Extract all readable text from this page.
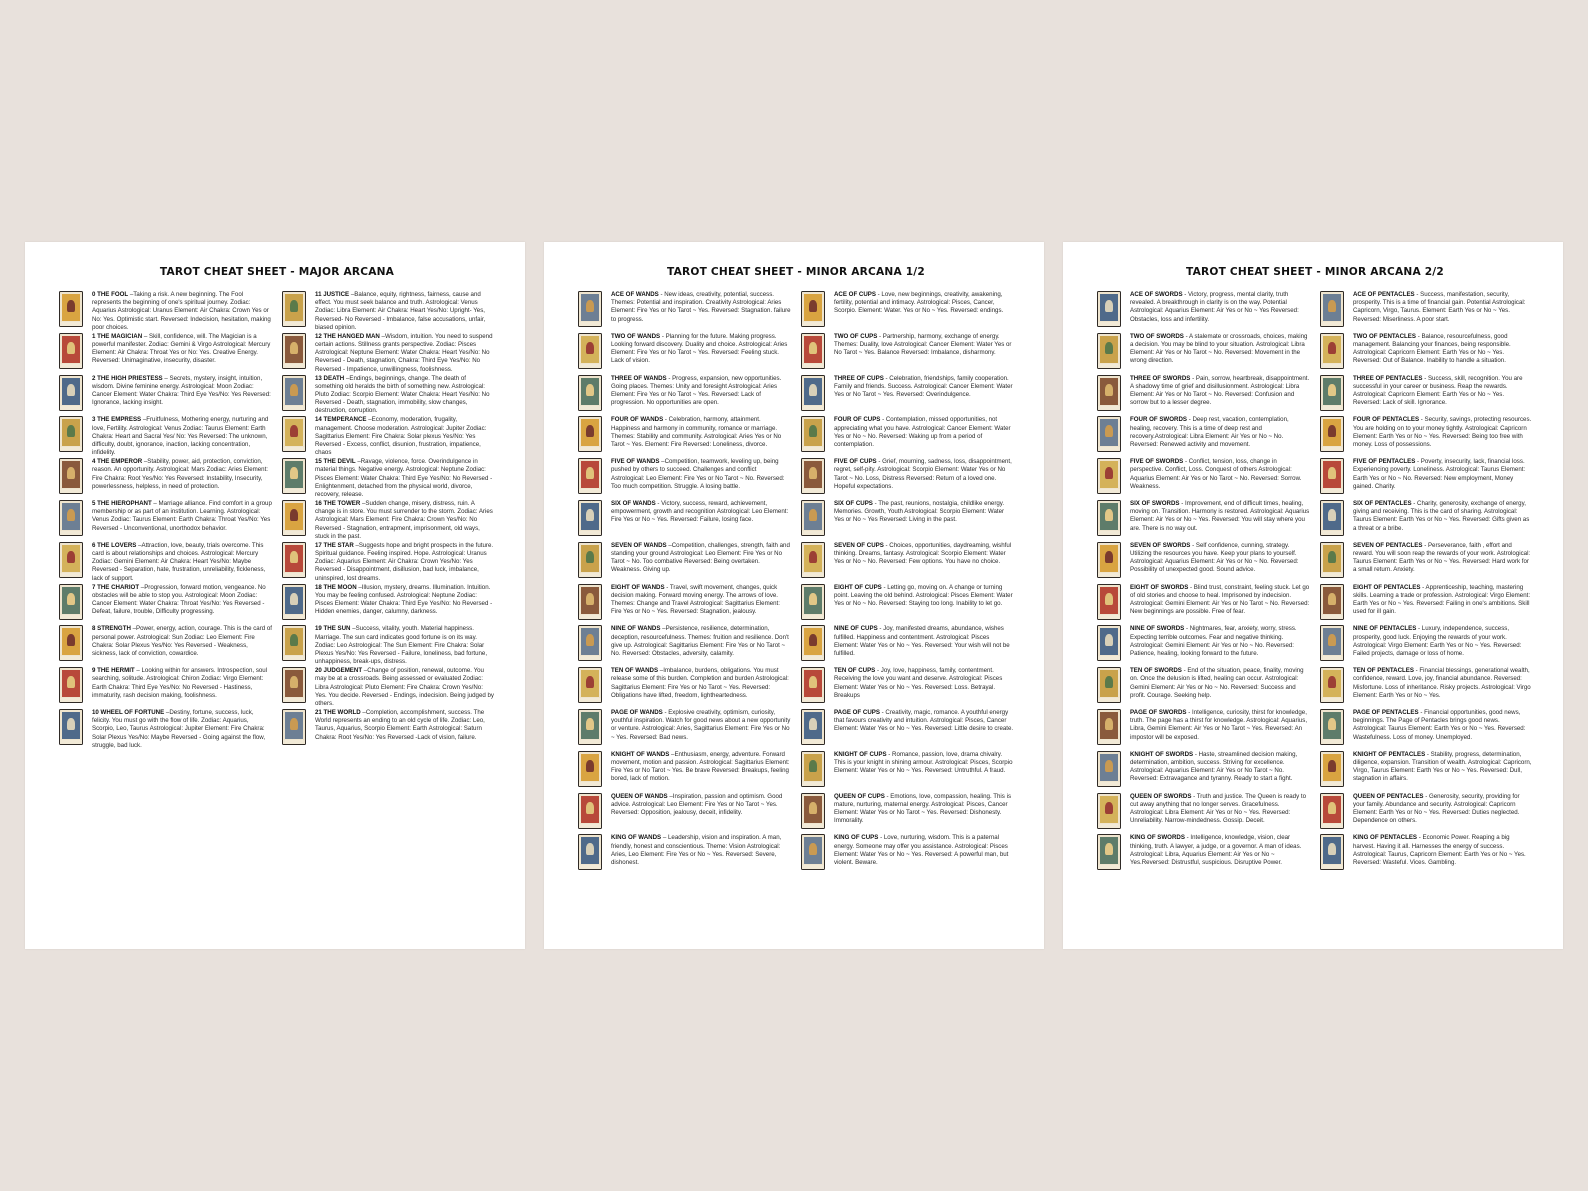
TAROT CHEAT SHEET - MAJOR ARCANA
0 THE FOOL –Taking a risk. A new beginning. The Fool represents the beginning of one's spiritual journey. Zodiac: Aquarius Astrological: Uranus Element: Air Chakra: Crown Yes or No: Yes. Optimistic start. Reversed: Indecision, hesitation, making poor choices.
1 THE MAGICIAN – Skill, confidence, will. The Magician is a powerful manifester. Zodiac: Gemini & Virgo Astrological: Mercury Element: Air Chakra: Throat Yes or No: Yes. Creative Energy. Reversed: Unimaginative, insecurity, disaster.
2 THE HIGH PRIESTESS – Secrets, mystery, insight, intuition, wisdom. Divine feminine energy. Astrological: Moon Zodiac: Cancer Element: Water Chakra: Third Eye Yes/No: Yes Reversed: Ignorance, lacking insight.
3 THE EMPRESS –Fruitfulness, Mothering energy, nurturing and love, Fertility. Astrological: Venus Zodiac: Taurus Element: Earth Chakra: Heart and Sacral Yes/ No: Yes Reversed: The unknown, difficulty, doubt, ignorance, inaction, lacking concentration, infidelity.
4 THE EMPEROR –Stability, power, aid, protection, conviction, reason. An opportunity. Astrological: Mars Zodiac: Aries Element: Fire Chakra: Root Yes/No: Yes Reversed: Instability, Insecurity, powerlessness, helpless, in need of protection.
5 THE HIEROPHANT – Marriage alliance. Find comfort in a group membership or as part of an institution. Learning. Astrological: Venus Zodiac: Taurus Element: Earth Chakra: Throat Yes/No: Yes Reversed - Unconventional, unorthodox behavior.
6 THE LOVERS –Attraction, love, beauty, trials overcome. This card is about relationships and choices. Astrological: Mercury Zodiac: Gemini Element: Air Chakra: Heart Yes/No: Maybe Reversed - Separation, hate, frustration, unreliability, fickleness, lack of support.
7 THE CHARIOT –Progression, forward motion, vengeance. No obstacles will be able to stop you. Astrological: Moon Zodiac: Cancer Element: Water Chakra: Throat Yes/No: Yes Reversed - Defeat, failure, trouble, Difficulty progressing.
8 STRENGTH –Power, energy, action, courage. This is the card of personal power. Astrological: Sun Zodiac: Leo Element: Fire Chakra: Solar Plexus Yes/No: Yes Reversed - Weakness, sickness, lack of conviction, cowardice.
9 THE HERMIT – Looking within for answers. Introspection, soul searching, solitude. Astrological: Chiron Zodiac: Virgo Element: Earth Chakra: Third Eye Yes/No: No Reversed - Hastiness, immaturity, rash decision making, foolishness.
10 WHEEL OF FORTUNE –Destiny, fortune, success, luck, felicity. You must go with the flow of life. Zodiac: Aquarius, Scorpio, Leo, Taurus Astrological: Jupiter Element: Fire Chakra: Solar Plexus Yes/No: Maybe Reversed - Going against the flow, struggle, bad luck.
11 JUSTICE –Balance, equity, rightness, fairness, cause and effect. You must seek balance and truth. Astrological: Venus Zodiac: Libra Element: Air Chakra: Heart Yes/No: Upright- Yes, Reversed- No Reversed - Imbalance, false accusations, unfair, biased opinion.
12 THE HANGED MAN –Wisdom, intuition. You need to suspend certain actions. Stillness grants perspective. Zodiac: Pisces Astrological: Neptune Element: Water Chakra: Heart Yes/No: No Reversed - Death, stagnation, Chakra: Third Eye Yes/No: No Reversed - Impatience, unwillingness, foolishness.
13 DEATH –Endings, beginnings, change. The death of something old heralds the birth of something new. Astrological: Pluto Zodiac: Scorpio Element: Water Chakra: Heart Yes/No: No Reversed - Death, stagnation, immobility, slow changes, destruction, corruption.
14 TEMPERANCE –Economy, moderation, frugality, management. Choose moderation. Astrological: Jupiter Zodiac: Sagittarius Element: Fire Chakra: Solar plexus Yes/No: Yes Reversed - Excess, conflict, disunion, frustration, impatience, chaos
15 THE DEVIL –Ravage, violence, force. Overindulgence in material things. Negative energy. Astrological: Neptune Zodiac: Pisces Element: Water Chakra: Third Eye Yes/No: No Reversed - Enlightenment, detached from the physical world, divorce, recovery, release.
16 THE TOWER –Sudden change, misery, distress, ruin. A change is in store. You must surrender to the storm. Zodiac: Aries Astrological: Mars Element: Fire Chakra: Crown Yes/No: No Reversed - Stagnation, entrapment, imprisonment, old ways, stuck in the past.
17 THE STAR –Suggests hope and bright prospects in the future. Spiritual guidance. Feeling inspired. Hope. Astrological: Uranus Zodiac: Aquarius Element: Air Chakra: Crown Yes/No: Yes Reversed - Disappointment, disillusion, bad luck, imbalance, uninspired, lost dreams.
18 THE MOON –Illusion, mystery, dreams. Illumination. Intuition. You may be feeling confused. Astrological: Neptune Zodiac: Pisces Element: Water Chakra: Third Eye Yes/No: No Reversed - Hidden enemies, danger, calumny, darkness.
19 THE SUN –Success, vitality, youth. Material happiness. Marriage. The sun card indicates good fortune is on its way. Zodiac: Leo Astrological: The Sun Element: Fire Chakra: Solar Plexus Yes/No: Yes Reversed - Failure, loneliness, bad fortune, unhappiness, break-ups, distress.
20 JUDGEMENT –Change of position, renewal, outcome. You may be at a crossroads. Being assessed or evaluated Zodiac: Libra Astrological: Pluto Element: Fire Chakra: Crown Yes/No: Yes. You decide. Reversed - Endings, indecision. Being judged by others.
21 THE WORLD –Completion, accomplishment, success. The World represents an ending to an old cycle of life. Zodiac: Leo, Taurus, Aquarius, Scorpio Element: Earth Astrological: Saturn Chakra: Root Yes/No: Yes Reversed -Lack of vision, failure.
TAROT CHEAT SHEET - MINOR ARCANA 1/2
ACE OF WANDS - New ideas, creativity, potential, success. Themes: Potential and inspiration. Creativity Astrological: Aries Element: Fire Yes or No Tarot ~ Yes. Reversed: Stagnation. failure to progress.
TWO OF WANDS - Planning for the future. Making progress. Looking forward discovery. Duality and choice. Astrological: Aries Element: Fire Yes or No Tarot ~ Yes. Reversed: Feeling stuck. Lack of vision.
THREE OF WANDS - Progress, expansion, new opportunities. Going places. Themes: Unity and foresight Astrological: Aries Element: Fire Yes or No Tarot ~ Yes. Reversed: Lack of progression. No opportunities are open.
FOUR OF WANDS - Celebration, harmony, attainment. Happiness and harmony in community, romance or marriage. Themes: Stability and community. Astrological: Aries Yes or No Tarot ~ Yes. Element: Fire Reversed: Loneliness, divorce.
FIVE OF WANDS –Competition, teamwork, leveling up, being pushed by others to succeed. Challenges and conflict Astrological: Leo Element: Fire Yes or No Tarot ~ No. Reversed: Too much competition. Struggle. A losing battle.
SIX OF WANDS - Victory, success, reward, achievement, empowerment, growth and recognition Astrological: Leo Element: Fire Yes or No ~ Yes. Reversed: Failure, losing face.
SEVEN OF WANDS –Competition, challenges, strength, faith and standing your ground Astrological: Leo Element: Fire Yes or No Tarot ~ No. Too combative Reversed: Being overtaken. Weakness. Giving up.
EIGHT OF WANDS - Travel, swift movement, changes, quick decision making. Forward moving energy. The arrows of love. Themes: Change and Travel Astrological: Sagittarius Element: Fire Yes or No ~ Yes. Reversed: Stagnation, jealousy.
NINE OF WANDS –Persistence, resilience, determination, deception, resourcefulness. Themes: fruition and resilience. Don't give up. Astrological: Sagittarius Element: Fire Yes or No Tarot ~ No. Reversed: Obstacles, adversity, calamity.
TEN OF WANDS –Imbalance, burdens, obligations. You must release some of this burden. Completion and burden Astrological: Sagittarius Element: Fire Yes or No Tarot ~ Yes. Reversed: Obligations have lifted, freedom, lightheartedness.
PAGE OF WANDS - Explosive creativity, optimism, curiosity, youthful inspiration. Watch for good news about a new opportunity or venture. Astrological: Aries, Sagittarius Element: Fire Yes or No ~ Yes. Reversed: Bad news.
KNIGHT OF WANDS –Enthusiasm, energy, adventure. Forward movement, motion and passion. Astrological: Sagittarius Element: Fire Yes or No Tarot ~ Yes. Be brave Reversed: Breakups, feeling bored, lack of motion.
QUEEN OF WANDS –Inspiration, passion and optimism. Good advice. Astrological: Leo Element: Fire Yes or No Tarot ~ Yes. Reversed: Opposition, jealousy, deceit, infidelity.
KING OF WANDS – Leadership, vision and inspiration. A man, friendly, honest and conscientious. Theme: Vision Astrological: Aries, Leo Element: Fire Yes or No ~ Yes. Reversed: Severe, dishonest.
ACE OF CUPS - Love, new beginnings, creativity, awakening, fertility, potential and intimacy. Astrological: Pisces, Cancer, Scorpio. Element: Water. Yes or No ~ Yes. Reversed: endings.
TWO OF CUPS - Partnership, harmony, exchange of energy. Themes: Duality, love Astrological: Cancer Element: Water Yes or No Tarot ~ Yes. Balance Reversed: Imbalance, disharmony.
THREE OF CUPS - Celebration, friendships, family cooperation. Family and friends. Success. Astrological: Cancer Element: Water Yes or No Tarot ~ Yes. Reversed: Overindulgence.
FOUR OF CUPS - Contemplation, missed opportunities, not appreciating what you have. Astrological: Cancer Element: Water Yes or No ~ No. Reversed: Waking up from a period of contemplation.
FIVE OF CUPS - Grief, mourning, sadness, loss, disappointment, regret, self-pity. Astrological: Scorpio Element: Water Yes or No Tarot ~ No. Loss, Distress Reversed: Return of a loved one. Hopeful expectations.
SIX OF CUPS - The past, reunions, nostalgia, childlike energy. Memories. Growth, Youth Astrological: Scorpio Element: Water Yes or No ~ Yes Reversed: Living in the past.
SEVEN OF CUPS - Choices, opportunities, daydreaming, wishful thinking. Dreams, fantasy. Astrological: Scorpio Element: Water Yes or No ~ No. Reversed: Few options. You have no choice.
EIGHT OF CUPS - Letting go, moving on. A change or turning point. Leaving the old behind. Astrological: Pisces Element: Water Yes or No ~ No. Reversed: Staying too long. Inability to let go.
NINE OF CUPS - Joy, manifested dreams, abundance, wishes fulfilled. Happiness and contentment. Astrological: Pisces Element: Water Yes or No ~ Yes. Reversed: Your wish will not be fulfilled.
TEN OF CUPS - Joy, love, happiness, family, contentment. Receiving the love you want and deserve. Astrological: Pisces Element: Water Yes or No ~ Yes. Reversed: Loss. Betrayal. Breakups
PAGE OF CUPS - Creativity, magic, romance. A youthful energy that favours creativity and intuition. Astrological: Pisces, Cancer Element: Water Yes or No ~ Yes. Reversed: Little desire to create.
KNIGHT OF CUPS - Romance, passion, love, drama chivalry. This is your knight in shining armour. Astrological: Pisces, Scorpio Element: Water Yes or No ~ Yes. Reversed: Untruthful. A fraud.
QUEEN OF CUPS - Emotions, love, compassion, healing. This is mature, nurturing, maternal energy. Astrological: Pisces, Cancer Element: Water Yes or No Tarot ~ Yes. Reversed: Dishonesty. Immorality.
KING OF CUPS - Love, nurturing, wisdom. This is a paternal energy. Someone may offer you assistance. Astrological: Pisces Element: Water Yes or No ~ Yes. Reversed: A powerful man, but violent. Beware.
TAROT CHEAT SHEET - MINOR ARCANA 2/2
ACE OF SWORDS - Victory, progress, mental clarity, truth revealed. A breakthrough in clarity is on the way. Potential Astrological: Aquarius Element: Air Yes or No ~ Yes Reversed: Obstacles, loss and infertility.
TWO OF SWORDS - A stalemate or crossroads, choices, making a decision. You may be blind to your situation. Astrological: Libra Element: Air Yes or No Tarot ~ No. Reversed: Movement in the wrong direction.
THREE OF SWORDS - Pain, sorrow, heartbreak, disappointment. A shadowy time of grief and disillusionment. Astrological: Libra Element: Air Yes or No Tarot ~ No. Reversed: Confusion and sorrow but to a lesser degree.
FOUR OF SWORDS - Deep rest, vacation, contemplation, healing, recovery. This is a time of deep rest and recovery.Astrological: Libra Element: Air Yes or No ~ No. Reversed: Renewed activity and movement.
FIVE OF SWORDS - Conflict, tension, loss, change in perspective. Conflict, Loss. Conquest of others Astrological: Aquarius Element: Air Yes or No Tarot ~ No. Reversed: Sorrow. Weakness.
SIX OF SWORDS - Improvement, end of difficult times, healing, moving on. Transition. Harmony is restored. Astrological: Aquarius Element: Air Yes or No ~ Yes. Reversed: You will stay where you are. There is no way out.
SEVEN OF SWORDS - Self confidence, cunning, strategy. Utilizing the resources you have. Keep your plans to yourself. Astrological: Aquarius Element: Air Yes or No ~ No. Reversed: Possibility of unexpected good. Sound advice.
EIGHT OF SWORDS - Blind trust, constraint, feeling stuck. Let go of old stories and choose to heal. Imprisoned by indecision. Astrological: Gemini Element: Air Yes or No Tarot ~ No. Reversed: New beginnings are possible. Free of fear.
NINE OF SWORDS - Nightmares, fear, anxiety, worry, stress. Expecting terrible outcomes. Fear and negative thinking. Astrological: Gemini Element: Air Yes or No ~ No. Reversed: Patience, healing, looking forward to the future.
TEN OF SWORDS - End of the situation, peace, finality, moving on. Once the delusion is lifted, healing can occur. Astrological: Gemini Element: Air Yes or No ~ No. Reversed: Success and profit. Courage. Seeking help.
PAGE OF SWORDS - Intelligence, curiosity, thirst for knowledge, truth. The page has a thirst for knowledge. Astrological: Aquarius, Libra, Gemini Element: Air Yes or No Tarot ~ Yes. Reversed: An impostor will be exposed.
KNIGHT OF SWORDS - Haste, streamlined decision making, determination, ambition, success. Striving for excellence. Astrological: Aquarius Element: Air Yes or No Tarot ~ No. Reversed: Extravagance and tyranny. Ready to start a fight.
QUEEN OF SWORDS - Truth and justice. The Queen is ready to cut away anything that no longer serves. Gracefulness. Astrological: Libra Element: Air Yes or No ~ Yes. Reversed: Unreliability. Narrow-mindedness. Gossip. Deceit.
KING OF SWORDS - Intelligence, knowledge, vision, clear thinking, truth. A lawyer, a judge, or a governor. A man of ideas. Astrological: Libra, Aquarius Element: Air Yes or No ~ Yes.Reversed: Distrustful, suspicious. Disruptive Power.
ACE OF PENTACLES - Success, manifestation, security, prosperity. This is a time of financial gain. Potential Astrological: Capricorn, Virgo, Taurus. Element: Earth Yes or No ~ Yes. Reversed: Miserliness. A poor start.
TWO OF PENTACLES - Balance, resourcefulness, good management. Balancing your finances, being responsible. Astrological: Capricorn Element: Earth Yes or No ~ Yes. Reversed: Out of Balance. Inability to handle a situation.
THREE OF PENTACLES - Success, skill, recognition. You are successful in your career or business. Reap the rewards. Astrological: Capricorn Element: Earth Yes or No ~ Yes. Reversed: Lack of skill. Ignorance.
FOUR OF PENTACLES - Security, savings, protecting resources. You are holding on to your money tightly. Astrological: Capricorn Element: Earth Yes or No ~ Yes. Reversed: Being too free with money. Loss of possessions.
FIVE OF PENTACLES - Poverty, insecurity, lack, financial loss. Experiencing poverty. Loneliness. Astrological: Taurus Element: Earth Yes or No ~ No. Reversed: New employment, Money gained. Charity.
SIX OF PENTACLES - Charity, generosity, exchange of energy, giving and receiving. This is the card of sharing. Astrological: Taurus Element: Earth Yes or No ~ Yes. Reversed: Gifts given as a threat or a bribe.
SEVEN OF PENTACLES - Perseverance, faith , effort and reward. You will soon reap the rewards of your work. Astrological: Taurus Element: Earth Yes or No ~ Yes. Reversed: Hard work for a small return. Anxiety.
EIGHT OF PENTACLES - Apprenticeship, teaching, mastering skills. Learning a trade or profession. Astrological: Virgo Element: Earth Yes or No ~ Yes. Reversed: Failing in one's ambitions. Skill used for ill gain.
NINE OF PENTACLES - Luxury, independence, success, prosperity, good luck. Enjoying the rewards of your work. Astrological: Virgo Element: Earth Yes or No ~ Yes. Reversed: Failed projects, damage or loss of home.
TEN OF PENTACLES - Financial blessings, generational wealth, confidence, reward. Love, joy, financial abundance. Reversed: Misfortune. Loss of inheritance. Risky projects. Astrological: Virgo Element: Earth Yes or No ~ Yes.
PAGE OF PENTACLES - Financial opportunities, good news, beginnings. The Page of Pentacles brings good news. Astrological: Taurus Element: Earth Yes or No ~ Yes. Reversed: Wastefulness. Loss of money. Unemployed.
KNIGHT OF PENTACLES - Stability, progress, determination, diligence, expansion. Transition of wealth. Astrological: Capricorn, Virgo, Taurus Element: Earth Yes or No ~ Yes. Reversed: Dull, stagnation in affairs.
QUEEN OF PENTACLES - Generosity, security, providing for your family. Abundance and security. Astrological: Capricorn Element: Earth Yes or No ~ Yes. Reversed: Duties neglected. Dependence on others.
KING OF PENTACLES - Economic Power. Reaping a big harvest. Having it all. Harnesses the energy of success. Astrological: Taurus, Capricorn Element: Earth Yes or No ~ Yes. Reversed: Wasteful. Vices. Gambling.
